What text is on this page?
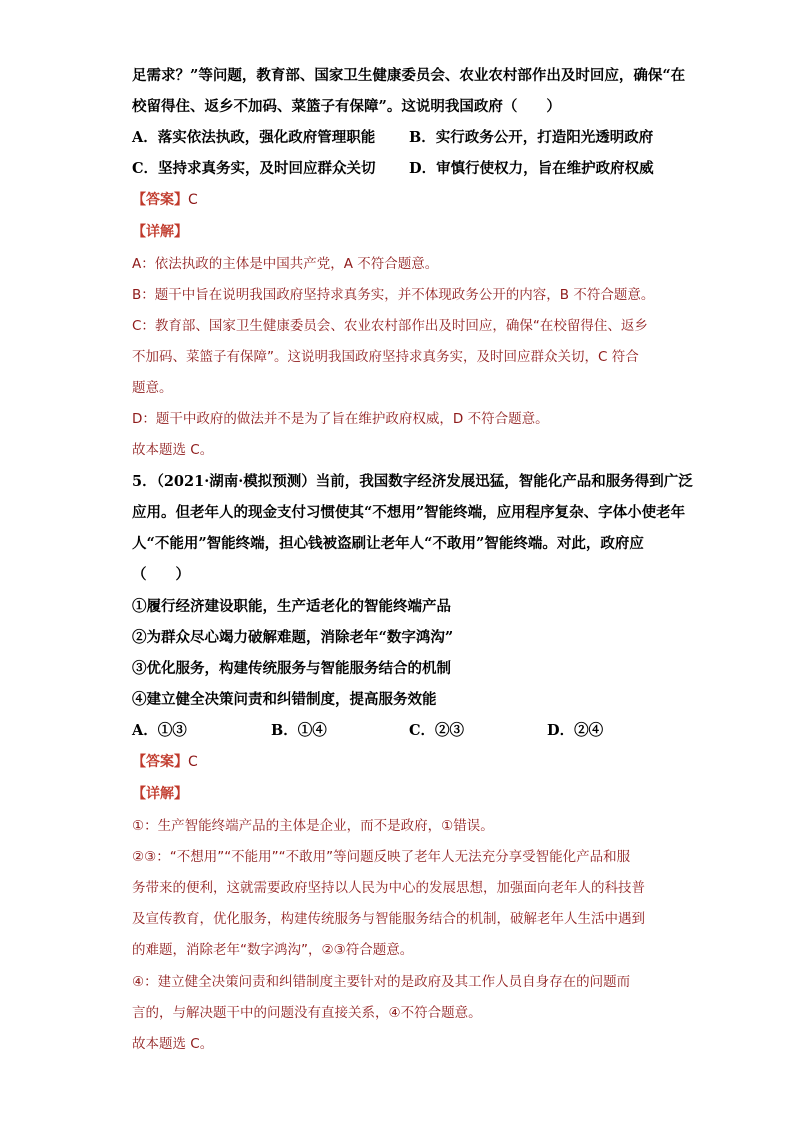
足需求？”等问题，教育部、国家卫生健康委员会、农业农村部作出及时回应，确保“在
校留得住、返乡不加码、菜篮子有保障”。这说明我国政府（　　）
A．落实依法执政，强化政府管理职能 B．实行政务公开，打造阳光透明政府
C．坚持求真务实，及时回应群众关切 D．审慎行使权力，旨在维护政府权威
【答案】C
【详解】
A：依法执政的主体是中国共产党，A 不符合题意。
B：题干中旨在说明我国政府坚持求真务实，并不体现政务公开的内容，B 不符合题意。
C：教育部、国家卫生健康委员会、农业农村部作出及时回应，确保“在校留得住、返乡
不加码、菜篮子有保障”。这说明我国政府坚持求真务实，及时回应群众关切，C 符合
题意。
D：题干中政府的做法并不是为了旨在维护政府权威，D 不符合题意。
故本题选 C。
5．（2021·湖南·模拟预测）当前，我国数字经济发展迅猛，智能化产品和服务得到广泛
应用。但老年人的现金支付习惯使其“不想用”智能终端，应用程序复杂、字体小使老年
人“不能用”智能终端，担心钱被盗刷让老年人“不敢用”智能终端。对此，政府应
（　　）
①履行经济建设职能，生产适老化的智能终端产品
②为群众尽心竭力破解难题，消除老年“数字鸿沟”
③优化服务，构建传统服务与智能服务结合的机制
④建立健全决策问责和纠错制度，提高服务效能
A．①③	B．①④	C．②③	D．②④
【答案】C
【详解】
①：生产智能终端产品的主体是企业，而不是政府，①错误。
②③：“不想用”“不能用”“不敢用”等问题反映了老年人无法充分享受智能化产品和服
务带来的便利，这就需要政府坚持以人民为中心的发展思想，加强面向老年人的科技普
及宣传教育，优化服务，构建传统服务与智能服务结合的机制，破解老年人生活中遇到
的难题，消除老年“数字鸿沟”，②③符合题意。
④：建立健全决策问责和纠错制度主要针对的是政府及其工作人员自身存在的问题而
言的，与解决题干中的问题没有直接关系，④不符合题意。
故本题选 C。
